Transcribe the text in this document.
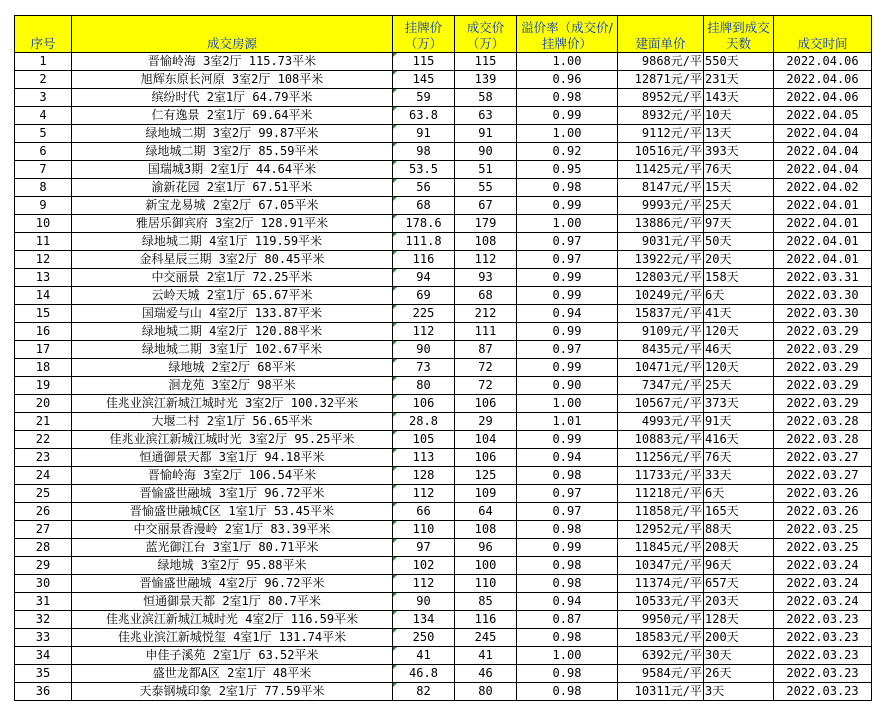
序号	成交房源	挂牌价（万）	成交价（万）	溢价率（成交价/挂牌价）	建面单价	挂牌到成交天数	成交时间
1	晋愉岭海 3室2厅 115.73平米	115	115	1.00	9868元/平	550天	2022.04.06
2	旭辉东原长河原 3室2厅 108平米	145	139	0.96	12871元/平	231天	2022.04.06
3	缤纷时代 2室1厅 64.79平米	59	58	0.98	8952元/平	143天	2022.04.06
4	仁有逸景 2室1厅 69.64平米	63.8	63	0.99	8932元/平	10天	2022.04.05
5	绿地城二期 3室2厅 99.87平米	91	91	1.00	9112元/平	13天	2022.04.04
6	绿地城二期 3室2厅 85.59平米	98	90	0.92	10516元/平	393天	2022.04.04
7	国瑞城3期 2室1厅 44.64平米	53.5	51	0.95	11425元/平	76天	2022.04.04
8	渝新花园 2室1厅 67.51平米	56	55	0.98	8147元/平	15天	2022.04.02
9	新宝龙易城 2室2厅 67.05平米	68	67	0.99	9993元/平	25天	2022.04.01
10	雅居乐御宾府 3室2厅 128.91平米	178.6	179	1.00	13886元/平	97天	2022.04.01
11	绿地城二期 4室1厅 119.59平米	111.8	108	0.97	9031元/平	50天	2022.04.01
12	金科星辰三期 3室2厅 80.45平米	116	112	0.97	13922元/平	20天	2022.04.01
13	中交丽景 2室1厅 72.25平米	94	93	0.99	12803元/平	158天	2022.03.31
14	云岭天城 2室1厅 65.67平米	69	68	0.99	10249元/平	6天	2022.03.30
15	国瑞爱与山 4室2厅 133.87平米	225	212	0.94	15837元/平	41天	2022.03.30
16	绿地城二期 4室2厅 120.88平米	112	111	0.99	9109元/平	120天	2022.03.29
17	绿地城二期 3室1厅 102.67平米	90	87	0.97	8435元/平	46天	2022.03.29
18	绿地城 2室2厅 68平米	73	72	0.99	10471元/平	120天	2022.03.29
19	洄龙苑 3室2厅 98平米	80	72	0.90	7347元/平	25天	2022.03.29
20	佳兆业滨江新城江城时光 3室2厅 100.32平米	106	106	1.00	10567元/平	373天	2022.03.29
21	大堰二村 2室1厅 56.65平米	28.8	29	1.01	4993元/平	91天	2022.03.28
22	佳兆业滨江新城江城时光 3室2厅 95.25平米	105	104	0.99	10883元/平	416天	2022.03.28
23	恒通御景天都 3室1厅 94.18平米	113	106	0.94	11256元/平	76天	2022.03.27
24	晋愉岭海 3室2厅 106.54平米	128	125	0.98	11733元/平	33天	2022.03.27
25	晋愉盛世融城 3室1厅 96.72平米	112	109	0.97	11218元/平	6天	2022.03.26
26	晋愉盛世融城C区 1室1厅 53.45平米	66	64	0.97	11858元/平	165天	2022.03.26
27	中交丽景香漫岭 2室1厅 83.39平米	110	108	0.98	12952元/平	88天	2022.03.25
28	蓝光御江台 3室1厅 80.71平米	97	96	0.99	11845元/平	208天	2022.03.25
29	绿地城 3室2厅 95.88平米	102	100	0.98	10347元/平	96天	2022.03.24
30	晋愉盛世融城 4室2厅 96.72平米	112	110	0.98	11374元/平	657天	2022.03.24
31	恒通御景天都 2室1厅 80.7平米	90	85	0.94	10533元/平	203天	2022.03.24
32	佳兆业滨江新城江城时光 4室2厅 116.59平米	134	116	0.87	9950元/平	128天	2022.03.23
33	佳兆业滨江新城悦玺 4室1厅 131.74平米	250	245	0.98	18583元/平	200天	2022.03.23
34	申佳子溪苑 2室1厅 63.52平米	41	41	1.00	6392元/平	30天	2022.03.23
35	盛世龙都A区 2室1厅 48平米	46.8	46	0.98	9584元/平	26天	2022.03.23
36	天泰钢城印象 2室1厅 77.59平米	82	80	0.98	10311元/平	3天	2022.03.23
